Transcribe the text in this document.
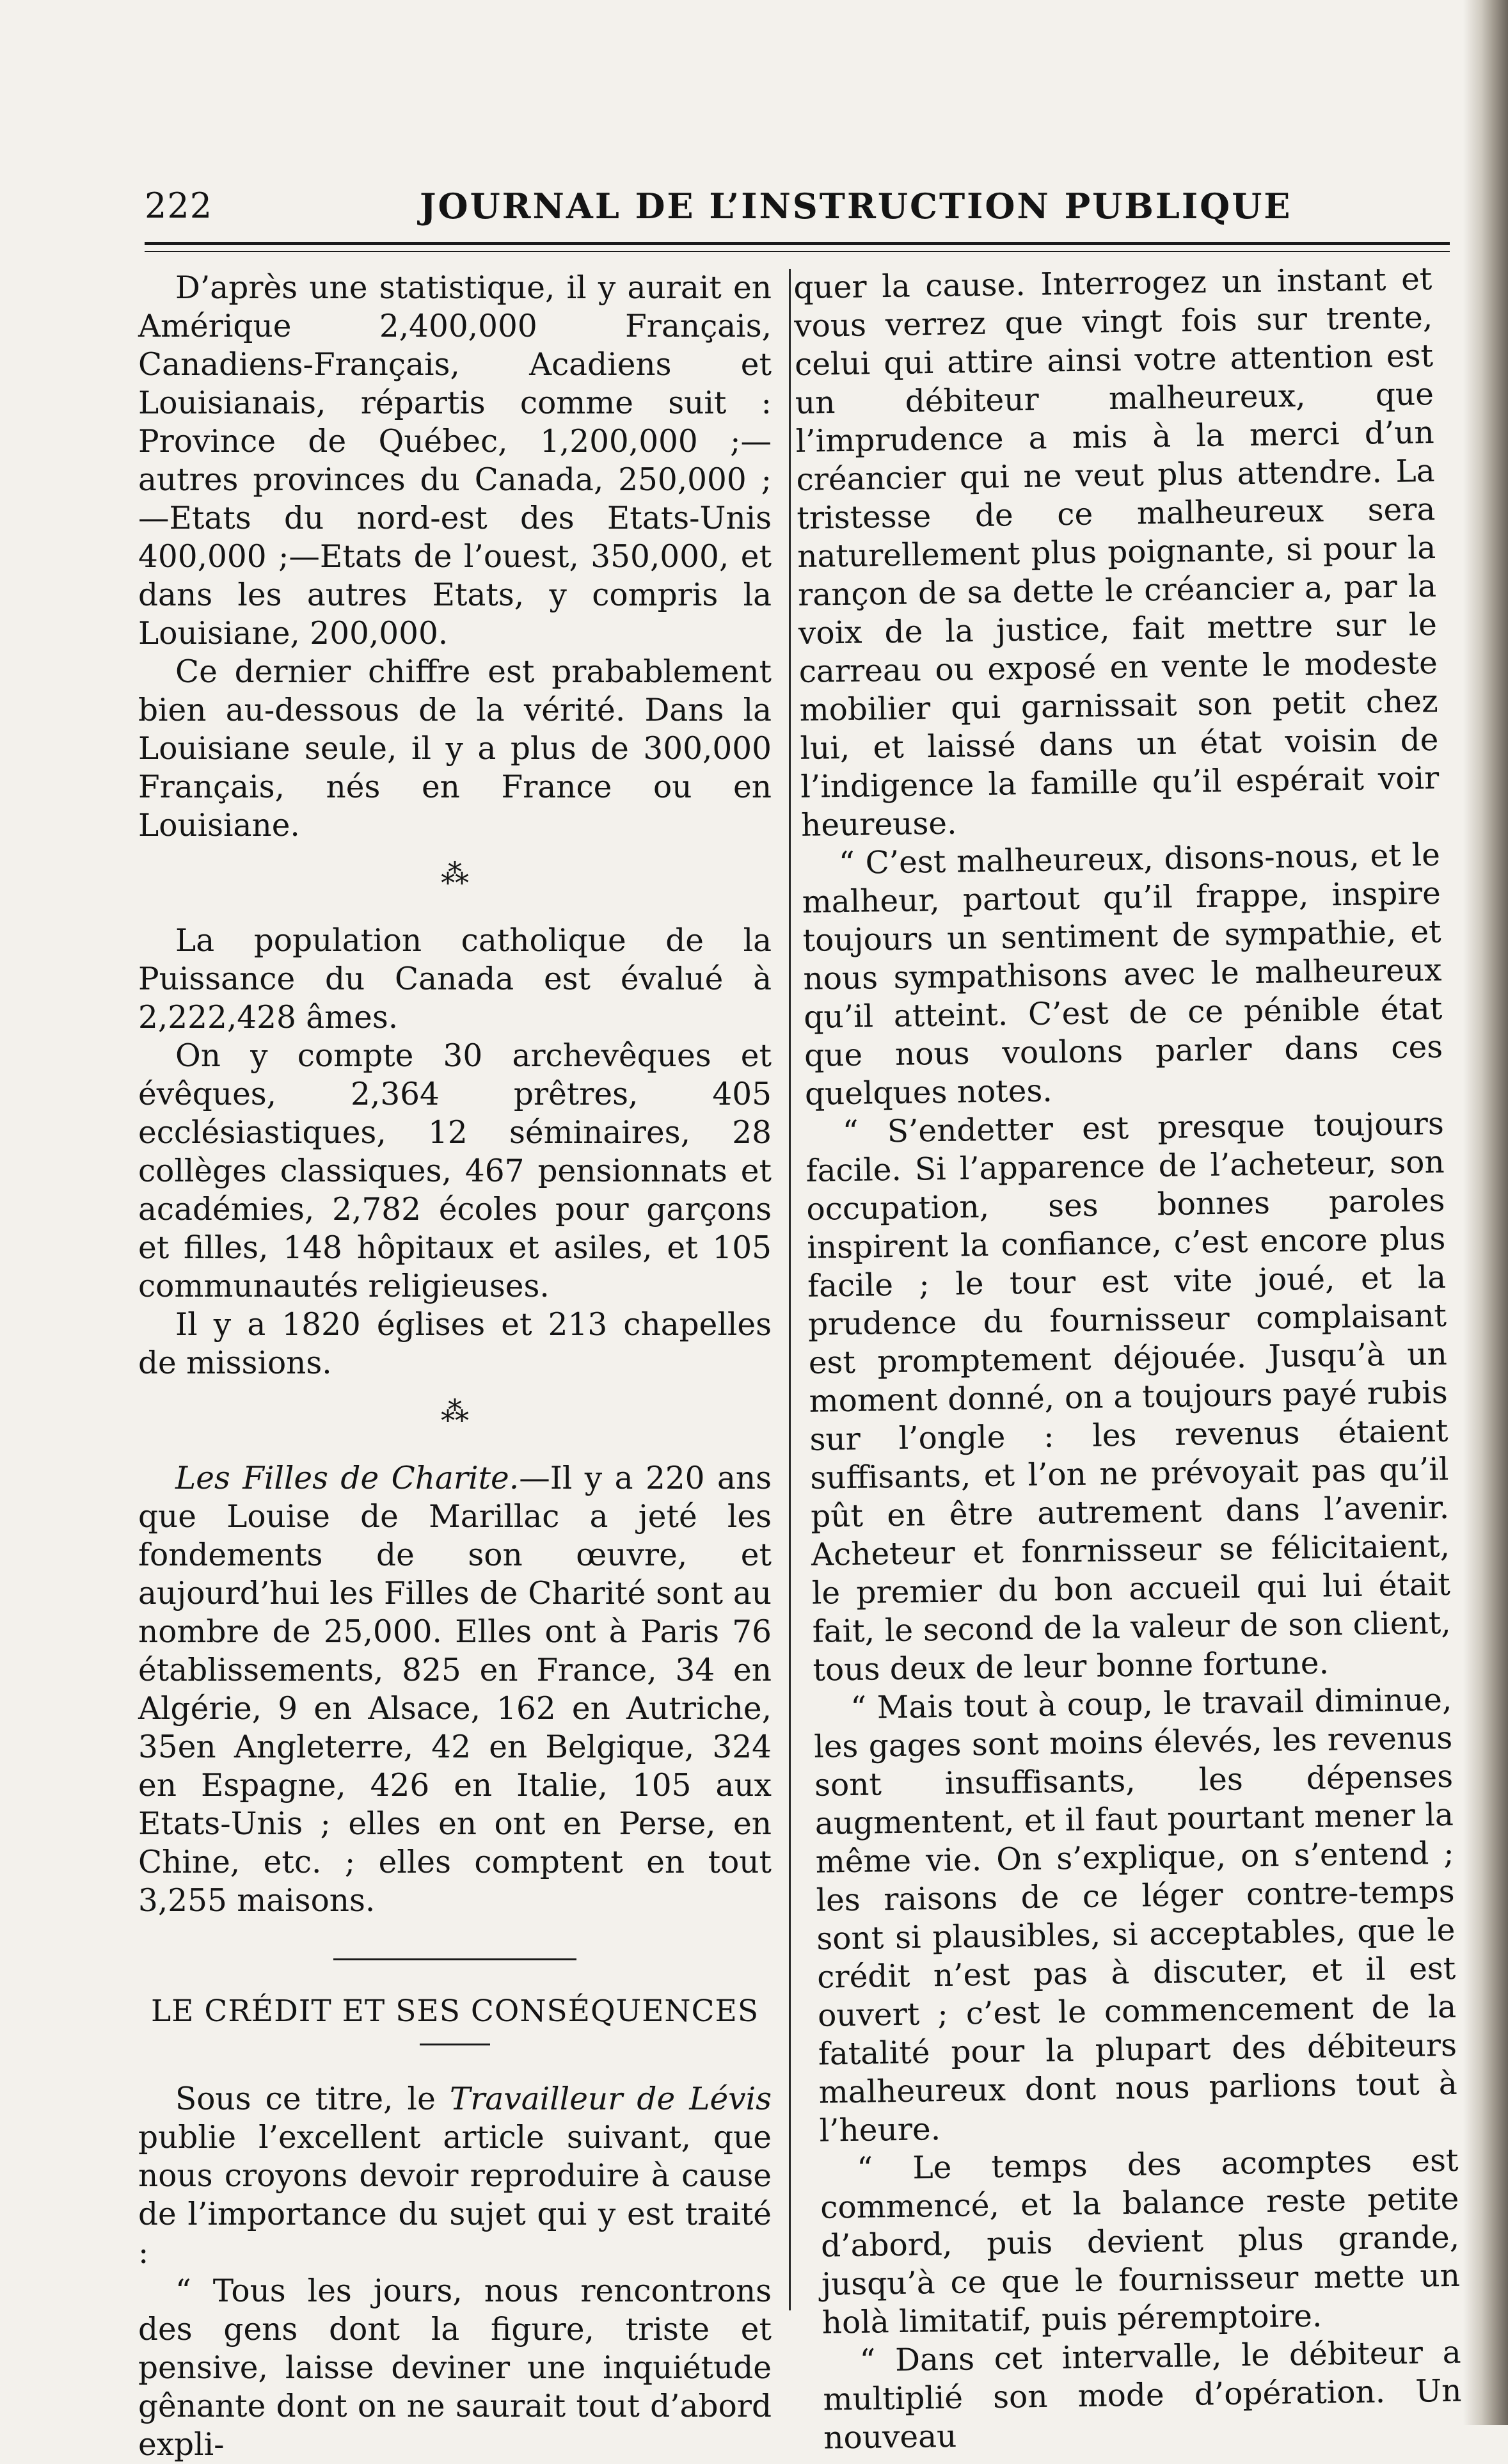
222	JOURNAL DE L’INSTRUCTION PUBLIQUE

D’après une statistique, il y aurait en Amérique 2,400,000 Français, Canadiens-Français, Acadiens et Louisianais, répartis comme suit : Province de Québec, 1,200,000 ;—autres provinces du Canada, 250,000 ;—Etats du nord-est des Etats-Unis 400,000 ;—Etats de l’ouest, 350,000, et dans les autres Etats, y compris la Louisiane, 200,000.

Ce dernier chiffre est prabablement bien au-dessous de la vérité. Dans la Louisiane seule, il y a plus de 300,000 Français, nés en France ou en Louisiane.

⁂

La population catholique de la Puissance du Canada est évalué à 2,222,428 âmes.

On y compte 30 archevêques et évêques, 2,364 prêtres, 405 ecclésiastiques, 12 séminaires, 28 collèges classiques, 467 pensionnats et académies, 2,782 écoles pour garçons et filles, 148 hôpitaux et asiles, et 105 communautés religieuses.

Il y a 1820 églises et 213 chapelles de missions.

⁂

Les Filles de Charite.—Il y a 220 ans que Louise de Marillac a jeté les fondements de son œuvre, et aujourd’hui les Filles de Charité sont au nombre de 25,000. Elles ont à Paris 76 établissements, 825 en France, 34 en Algérie, 9 en Alsace, 162 en Autriche, 35en Angleterre, 42 en Belgique, 324 en Espagne, 426 en Italie, 105 aux Etats-Unis ; elles en ont en Perse, en Chine, etc. ; elles comptent en tout 3,255 maisons.

LE CRÉDIT ET SES CONSÉQUENCES

Sous ce titre, le Travailleur de Lévis publie l’excellent article suivant, que nous croyons devoir reproduire à cause de l’importance du sujet qui y est traité :

“ Tous les jours, nous rencontrons des gens dont la figure, triste et pensive, laisse deviner une inquiétude gênante dont on ne saurait tout d’abord expli-

quer la cause. Interrogez un instant et vous verrez que vingt fois sur trente, celui qui attire ainsi votre attention est un débiteur malheureux, que l’imprudence a mis à la merci d’un créancier qui ne veut plus attendre. La tristesse de ce malheureux sera naturellement plus poignante, si pour la rançon de sa dette le créancier a, par la voix de la justice, fait mettre sur le carreau ou exposé en vente le modeste mobilier qui garnissait son petit chez lui, et laissé dans un état voisin de l’indigence la famille qu’il espérait voir heureuse.

“ C’est malheureux, disons-nous, et le malheur, partout qu’il frappe, inspire toujours un sentiment de sympathie, et nous sympathisons avec le malheureux qu’il atteint. C’est de ce pénible état que nous voulons parler dans ces quelques notes.

“ S’endetter est presque toujours facile. Si l’apparence de l’acheteur, son occupation, ses bonnes paroles inspirent la confiance, c’est encore plus facile ; le tour est vite joué, et la prudence du fournisseur complaisant est promptement déjouée. Jusqu’à un moment donné, on a toujours payé rubis sur l’ongle : les revenus étaient suffisants, et l’on ne prévoyait pas qu’il pût en être autrement dans l’avenir. Acheteur et fonrnisseur se félicitaient, le premier du bon accueil qui lui était fait, le second de la valeur de son client, tous deux de leur bonne fortune.

“ Mais tout à coup, le travail diminue, les gages sont moins élevés, les revenus sont insuffisants, les dépenses augmentent, et il faut pourtant mener la même vie. On s’explique, on s’entend ; les raisons de ce léger contre-temps sont si plausibles, si acceptables, que le crédit n’est pas à discuter, et il est ouvert ; c’est le commencement de la fatalité pour la plupart des débiteurs malheureux dont nous parlions tout à l’heure.

“ Le temps des acomptes est commencé, et la balance reste petite d’abord, puis devient plus grande, jusqu’à ce que le fournisseur mette un holà limitatif, puis péremptoire.

“ Dans cet intervalle, le débiteur a multiplié son mode d’opération. Un nouveau
